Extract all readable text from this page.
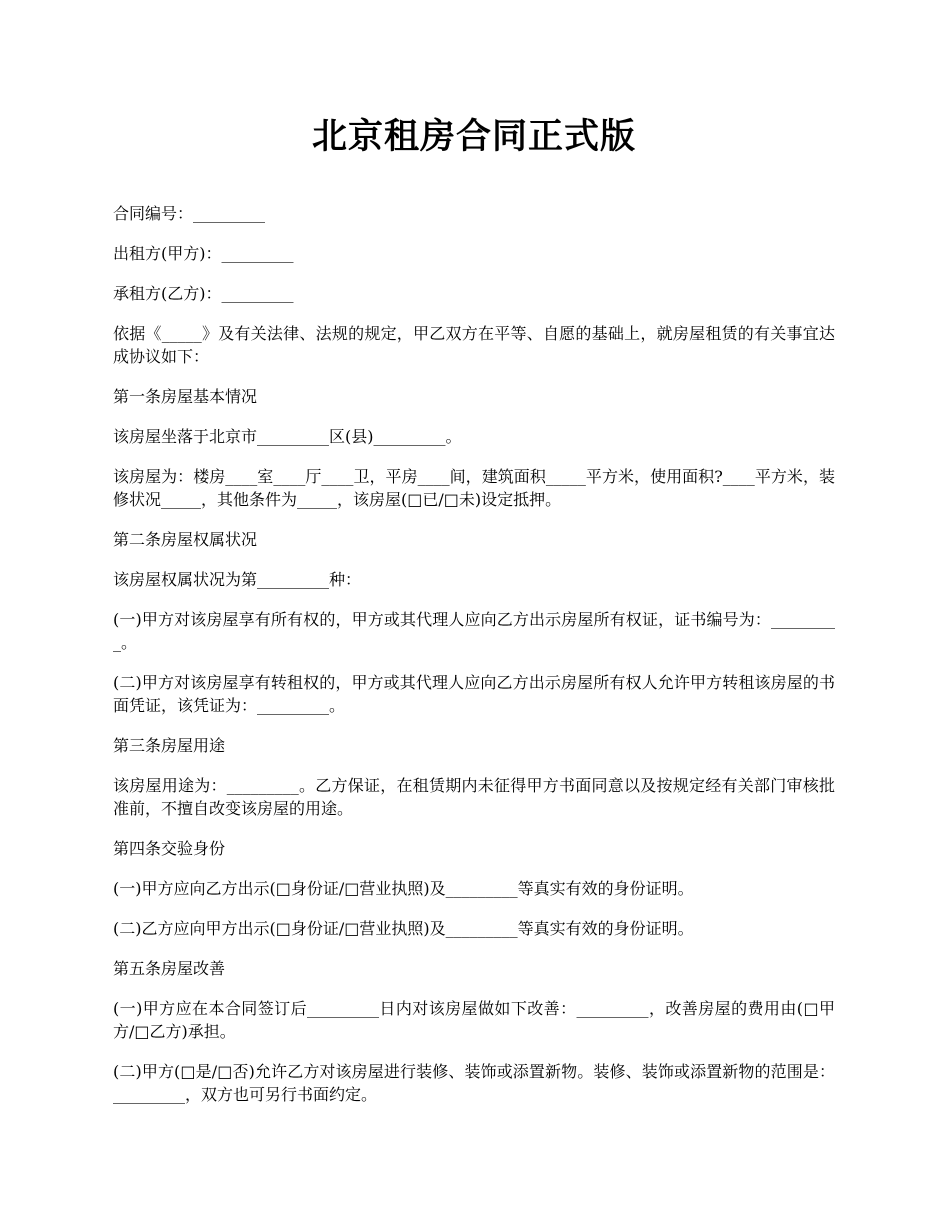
北京租房合同正式版

合同编号：_________

出租方(甲方)：_________

承租方(乙方)：_________

依据《_____》及有关法律、法规的规定，甲乙双方在平等、自愿的基础上，就房屋租赁的有关事宜达成协议如下：

第一条房屋基本情况

该房屋坐落于北京市_________区(县)_________。

该房屋为：楼房____室____厅____卫，平房____间，建筑面积_____平方米，使用面积?____平方米，装修状况_____，其他条件为_____，该房屋(□已/□未)设定抵押。

第二条房屋权属状况

该房屋权属状况为第_________种：

(一)甲方对该房屋享有所有权的，甲方或其代理人应向乙方出示房屋所有权证，证书编号为：_________。

(二)甲方对该房屋享有转租权的，甲方或其代理人应向乙方出示房屋所有权人允许甲方转租该房屋的书面凭证，该凭证为：_________。

第三条房屋用途

该房屋用途为：_________。乙方保证，在租赁期内未征得甲方书面同意以及按规定经有关部门审核批准前，不擅自改变该房屋的用途。

第四条交验身份

(一)甲方应向乙方出示(□身份证/□营业执照)及_________等真实有效的身份证明。

(二)乙方应向甲方出示(□身份证/□营业执照)及_________等真实有效的身份证明。

第五条房屋改善

(一)甲方应在本合同签订后_________日内对该房屋做如下改善：_________，改善房屋的费用由(□甲方/□乙方)承担。

(二)甲方(□是/□否)允许乙方对该房屋进行装修、装饰或添置新物。装修、装饰或添置新物的范围是：_________，双方也可另行书面约定。
